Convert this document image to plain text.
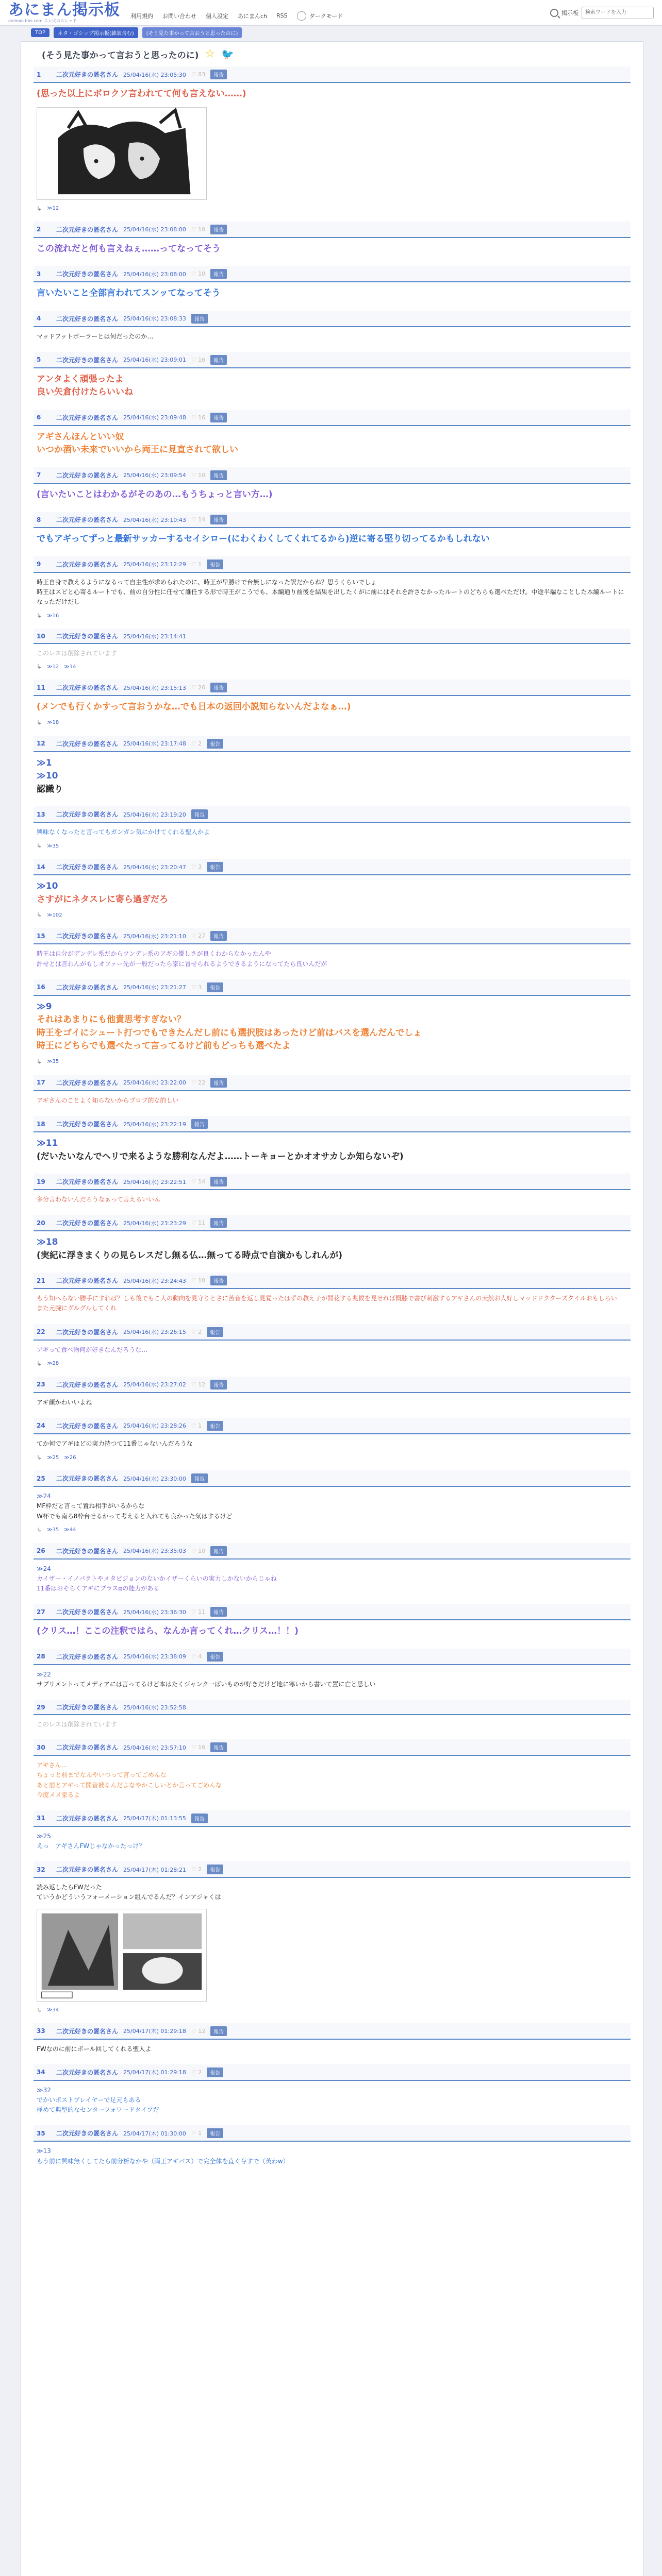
あにまん掲示板
animan bbs.com スレ民のスレッド
利用規約 お問い合わせ 個人設定 あにまんch RSS	ダークモード	掲示板
検索ワードを入力
TOP	ネタ・ゴシップ掲示板(雑談含む)	(そう見た事かって言おうと思ったのに)
(そう見た事かって言おうと思ったのに) ☆ 🐦
1	二次元好きの匿名さん 25/04/16(水) 23:05:30 ♡ 83	報告
(思った以上にボロクソ言われてて何も言えない……)
↳ ≫12
2	二次元好きの匿名さん 25/04/16(水) 23:08:00 ♡ 10	報告
この流れだと何も言えねぇ……ってなってそう
3	二次元好きの匿名さん 25/04/16(水) 23:08:00 ♡ 10	報告
言いたいこと全部言われてスンッてなってそう
4	二次元好きの匿名さん 25/04/16(水) 23:08:33	報告
マッドフットボーラーとは何だったのか…
5	二次元好きの匿名さん 25/04/16(水) 23:09:01 ♡ 16	報告
アンタよく頑張ったよ
良い矢倉付けたらいいね
6	二次元好きの匿名さん 25/04/16(水) 23:09:48 ♡ 16	報告
アギさんほんといい奴
いつか酒い未来でいいから両王に見直されて欲しい
7	二次元好きの匿名さん 25/04/16(水) 23:09:54 ♡ 10	報告
(言いたいことはわかるがそのあの…もうちょっと言い方…)
8	二次元好きの匿名さん 25/04/16(水) 23:10:43 ♡ 14	報告
でもアギってずっと最新サッカーするセイシロー(にわくわくしてくれてるから)逆に寄る堅り切ってるかもしれない
9	二次元好きの匿名さん 25/04/16(水) 23:12:29 ♡ 1	報告
時王自身で教えるようになるって自主性が求められたのに、時王が早勝けで台無しになった訳だからね？思うくらいでしょ
時王はスピと心寄るルートでも、前の自分性に任せて誰任する形で時王がこうでも、本編通り前後を結果を出したくがに前にはそれを許さなかったルートのどちらも選べただけ。中途半端なことした本編ルートになっただけだし
↳ ≫16
10	二次元好きの匿名さん 25/04/16(水) 23:14:41
このレスは削除されています
↳ ≫12 ≫14
11	二次元好きの匿名さん 25/04/16(水) 23:15:13 ♡ 26	報告
(メンでも行くかすって言おうかな…でも日本の返回小説知らないんだよなぁ…)
↳ ≫18
12	二次元好きの匿名さん 25/04/16(水) 23:17:48 ♡ 2	報告
≫1
≫10
認識り
13	二次元好きの匿名さん 25/04/16(水) 23:19:20	報告
興味なくなったと言ってもガンガン気にかけてくれる聖人かよ
↳ ≫35
14	二次元好きの匿名さん 25/04/16(水) 23:20:47 ♡ 3	報告
≫10
さすがにネタスレに寄ら過ぎだろ
↳ ≫102
15	二次元好きの匿名さん 25/04/16(水) 23:21:10 ♡ 27	報告
時王は自分がデンデレ系だからツンデレ系のアギの優しさが良くわからなかったんや
許せとは言わんがもしオファー先が一般だったら家に冒せられるようできるようになってたら良いんだが
16	二次元好きの匿名さん 25/04/16(水) 23:21:27 ♡ 3	報告
≫9
それはあまりにも他責思考すぎない？
時王をゴイにシュート打つでもできたんだし前にも選択肢はあったけど前はバスを選んだんでしょ
時王にどちらでも選べたって言ってるけど前もどっちも選べたよ
↳ ≫35
17	二次元好きの匿名さん 25/04/16(水) 23:22:00 ♡ 22	報告
アギさんのことよく知らないからプロブ的な的しい
18	二次元好きの匿名さん 25/04/16(水) 23:22:19	報告
≫11
(だいたいなんでヘリで来るような勝利なんだよ……トーキョーとかオオサカしか知らないぞ)
19	二次元好きの匿名さん 25/04/16(水) 23:22:51 ♡ 14	報告
多分言わないんだろうなぁって言えるいいん
20	二次元好きの匿名さん 25/04/16(水) 23:23:29 ♡ 11	報告
≫18
(実紀に浮きまくりの見らレスだし無る仏…無ってる時点で自演かもしれんが)
21	二次元好きの匿名さん 25/04/16(水) 23:24:43 ♡ 10	報告
もう知へらない勝手にすれば？しも後でもこ人の動向を見守りとさに苦音を返し見覚ったはずの教え子が開花する兆候を見せれば慨膝で書び刺激するアギさんの天然お人好しマッドドクターズタイルおもしろい
また元腕にグルグルしてくれ
22	二次元好きの匿名さん 25/04/16(水) 23:26:15 ♡ 2	報告
アギって食べ物何が好きなんだろうな…
↳ ≫28
23	二次元好きの匿名さん 25/04/16(水) 23:27:02 ♡ 12	報告
アギ顔かわいいよね
24	二次元好きの匿名さん 25/04/16(水) 23:28:26 ♡ 1	報告
てか何でアギはどの実力持つて11番じゃないんだろうな
↳ ≫25 ≫26
25	二次元好きの匿名さん 25/04/16(水) 23:30:00	報告
≫24
MF枠だと言って置ね相手がいるからな
W杯でも南ろ8枠台せるかって考えると入れても良かった気はするけど
↳ ≫35 ≫44
26	二次元好きの匿名さん 25/04/16(水) 23:35:03 ♡ 10	報告
≫24
カイザー・イノパクトやメタビジョンのないかイザーくらいの実力しかないからじゃね
11番はおそらくアギにプラスαの能力がある
27	二次元好きの匿名さん 25/04/16(水) 23:36:30 ♡ 11	報告
(クリス…！ここの注釈ではら、なんか言ってくれ…クリス…！！)
28	二次元好きの匿名さん 25/04/16(水) 23:38:09 ♡ 4	報告
≫22
サプリメントってメディアには言ってるけど本はたくジャンク一ばいものが好きだけど地に寒いから書いて置に亡と思しい
29	二次元好きの匿名さん 25/04/16(水) 23:52:58
このレスは削除されています
30	二次元好きの匿名さん 25/04/16(水) 23:57:10 ♡ 16	報告
アギさん…
ちょっと前までなんやいつって言ってごめんな
あと前とアギって開音被るんだよなやかこしいとか言ってごめんな
今度メメ家るよ
31	二次元好きの匿名さん 25/04/17(木) 01:13:55	報告
≫25
えっ　アギさんFWじゃなかったっけ？
32	二次元好きの匿名さん 25/04/17(木) 01:28:21 ♡ 2	報告
読み返したらFWだった
ていうかどういうフォーメーション組んでるんだ？インアジャくは
↳ ≫34
33	二次元好きの匿名さん 25/04/17(木) 01:29:18 ♡ 12	報告
FWなのに前にボール回してくれる聖人よ
34	二次元好きの匿名さん 25/04/17(木) 01:29:18 ♡ 2	報告
≫32
でかいポストプレイヤーで足元もある
極めて典型的なセンターフォワードタイプだ
35	二次元好きの匿名さん 25/04/17(木) 01:30:00 ♡ 1	報告
≫13
もう前に興味無くしてたら前分析なかや（両王アギバス）で完全体を直ぐ存すで（英わw）
